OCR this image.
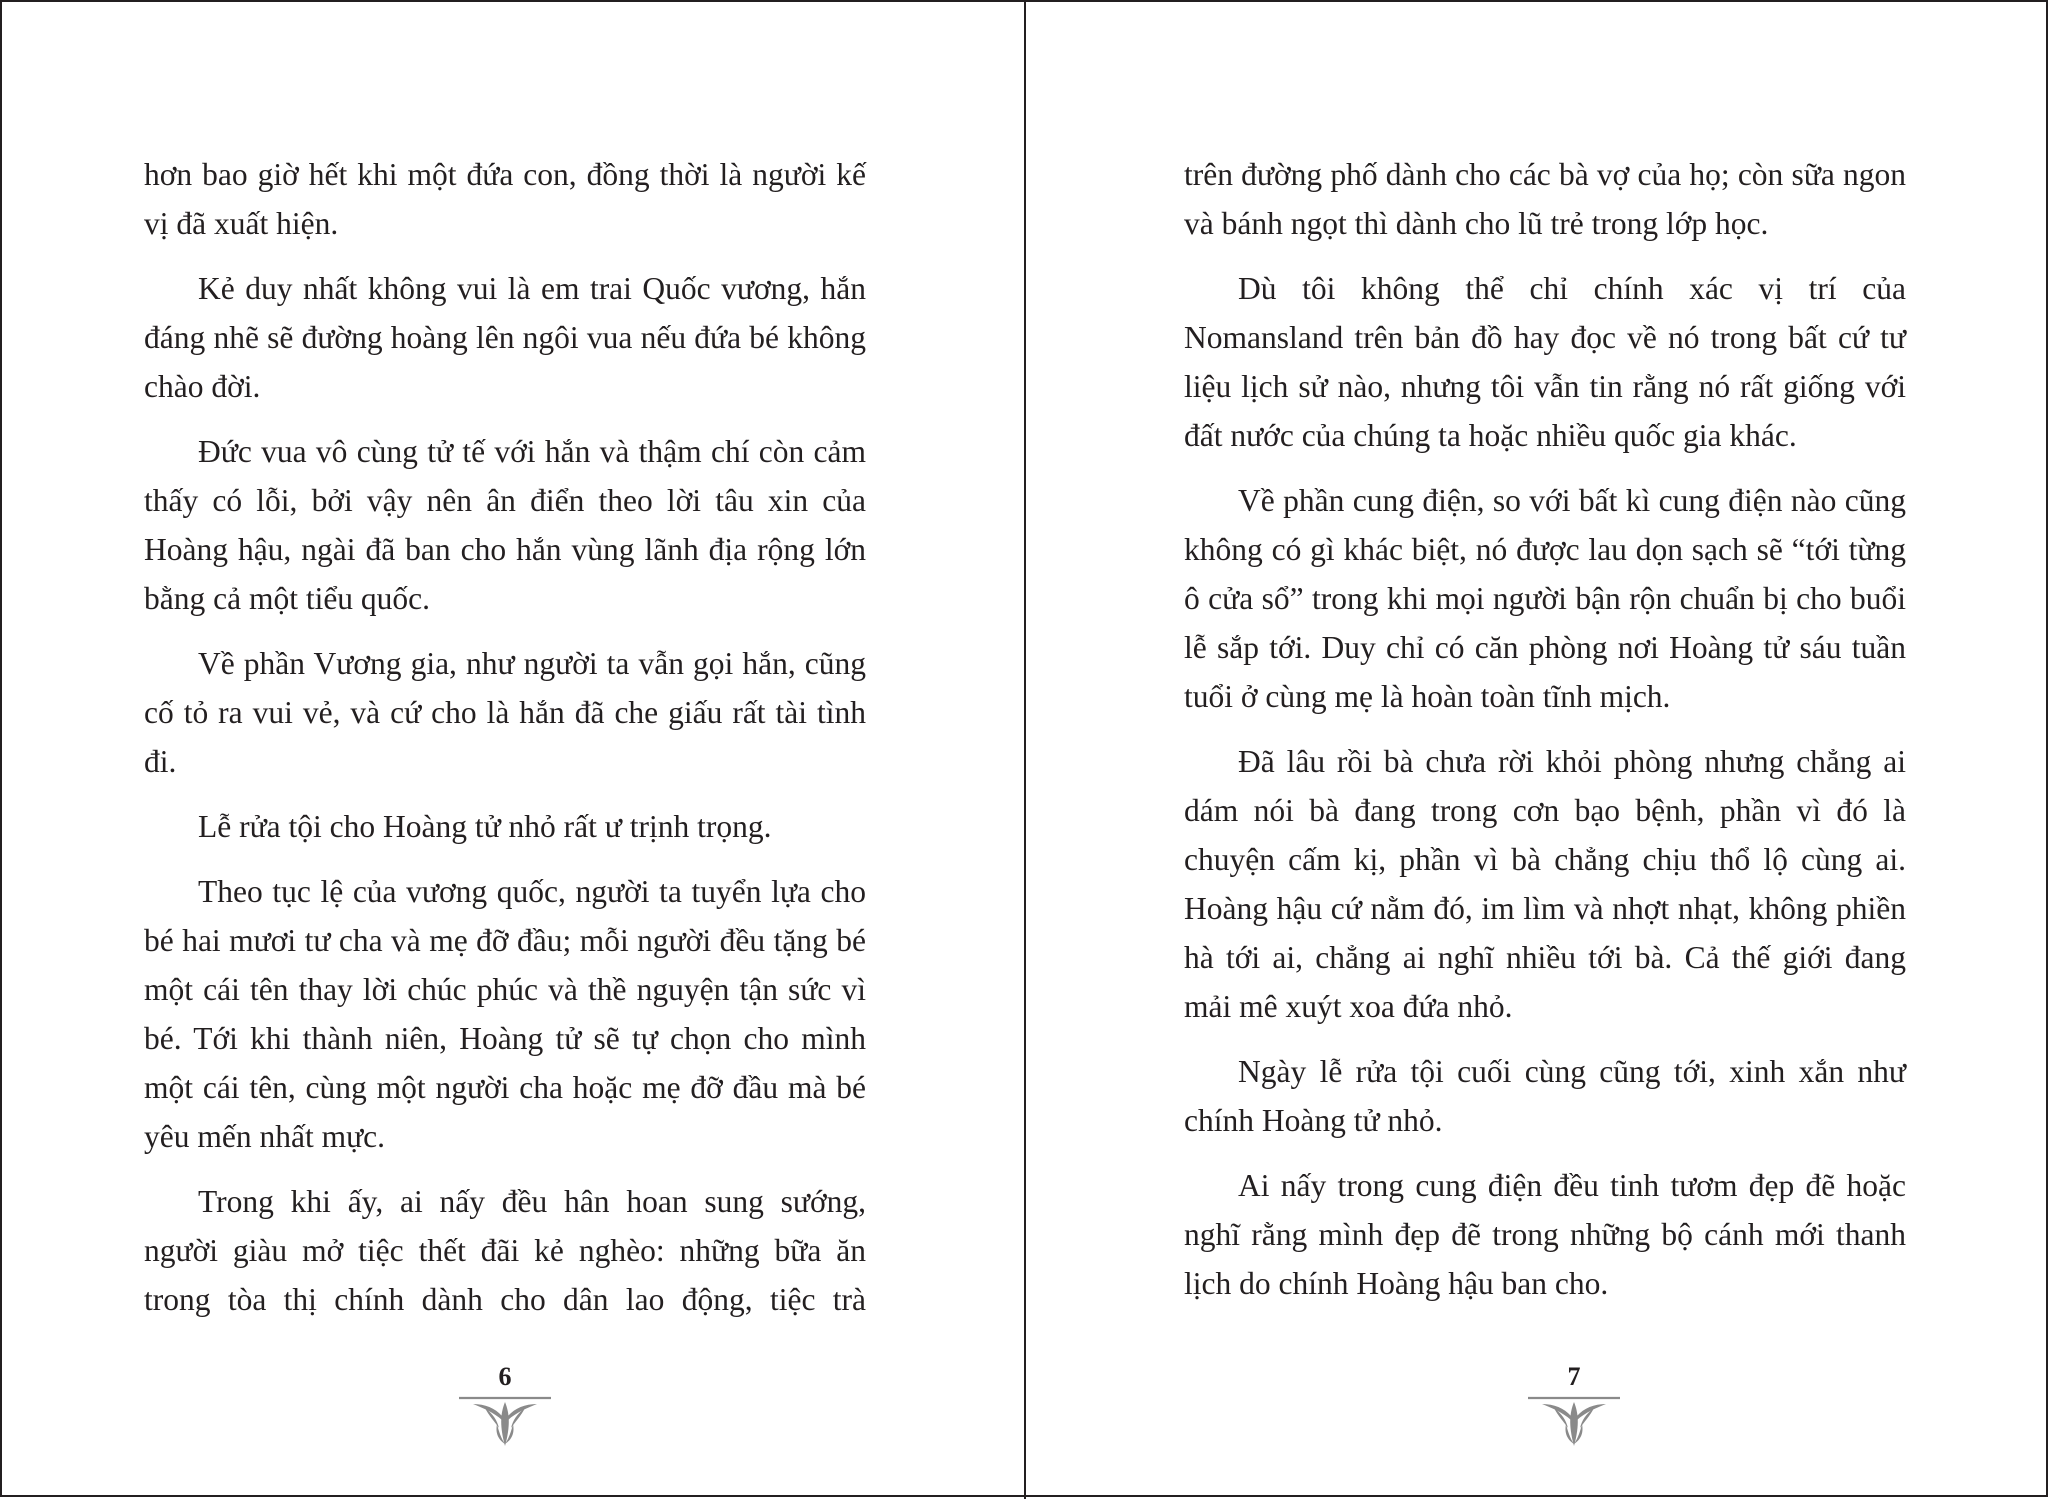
hơn bao giờ hết khi một đứa con, đồng thời là người kế vị đã xuất hiện.

Kẻ duy nhất không vui là em trai Quốc vương, hắn đáng nhẽ sẽ đường hoàng lên ngôi vua nếu đứa bé không chào đời.

Đức vua vô cùng tử tế với hắn và thậm chí còn cảm thấy có lỗi, bởi vậy nên ân điển theo lời tâu xin của Hoàng hậu, ngài đã ban cho hắn vùng lãnh địa rộng lớn bằng cả một tiểu quốc.

Về phần Vương gia, như người ta vẫn gọi hắn, cũng cố tỏ ra vui vẻ, và cứ cho là hắn đã che giấu rất tài tình đi.

Lễ rửa tội cho Hoàng tử nhỏ rất ư trịnh trọng.

Theo tục lệ của vương quốc, người ta tuyển lựa cho bé hai mươi tư cha và mẹ đỡ đầu; mỗi người đều tặng bé một cái tên thay lời chúc phúc và thề nguyện tận sức vì bé. Tới khi thành niên, Hoàng tử sẽ tự chọn cho mình một cái tên, cùng một người cha hoặc mẹ đỡ đầu mà bé yêu mến nhất mực.

Trong khi ấy, ai nấy đều hân hoan sung sướng, người giàu mở tiệc thết đãi kẻ nghèo: những bữa ăn trong tòa thị chính dành cho dân lao động, tiệc trà

6

trên đường phố dành cho các bà vợ của họ; còn sữa ngon và bánh ngọt thì dành cho lũ trẻ trong lớp học.

Dù tôi không thể chỉ chính xác vị trí của Nomansland trên bản đồ hay đọc về nó trong bất cứ tư liệu lịch sử nào, nhưng tôi vẫn tin rằng nó rất giống với đất nước của chúng ta hoặc nhiều quốc gia khác.

Về phần cung điện, so với bất kì cung điện nào cũng không có gì khác biệt, nó được lau dọn sạch sẽ “tới từng ô cửa sổ” trong khi mọi người bận rộn chuẩn bị cho buổi lễ sắp tới. Duy chỉ có căn phòng nơi Hoàng tử sáu tuần tuổi ở cùng mẹ là hoàn toàn tĩnh mịch.

Đã lâu rồi bà chưa rời khỏi phòng nhưng chẳng ai dám nói bà đang trong cơn bạo bệnh, phần vì đó là chuyện cấm kị, phần vì bà chẳng chịu thổ lộ cùng ai. Hoàng hậu cứ nằm đó, im lìm và nhợt nhạt, không phiền hà tới ai, chẳng ai nghĩ nhiều tới bà. Cả thế giới đang mải mê xuýt xoa đứa nhỏ.

Ngày lễ rửa tội cuối cùng cũng tới, xinh xắn như chính Hoàng tử nhỏ.

Ai nấy trong cung điện đều tinh tươm đẹp đẽ hoặc nghĩ rằng mình đẹp đẽ trong những bộ cánh mới thanh lịch do chính Hoàng hậu ban cho.

7
